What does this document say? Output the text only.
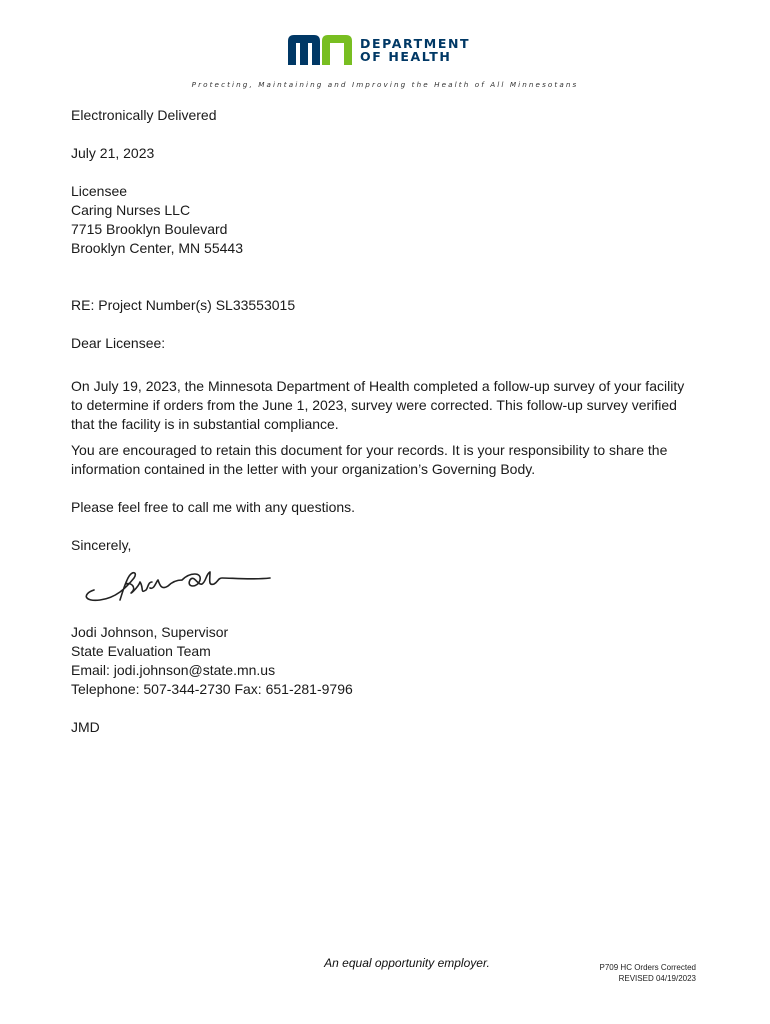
DEPARTMENT
OF HEALTH
Protecting, Maintaining and Improving the Health of All Minnesotans
Electronically Delivered
July 21, 2023
Licensee
Caring Nurses LLC
7715 Brooklyn Boulevard
Brooklyn Center, MN 55443
RE: Project Number(s) SL33553015
Dear Licensee:
On July 19, 2023, the Minnesota Department of Health completed a follow-up survey of your facility
to determine if orders from the June 1, 2023, survey were corrected. This follow-up survey verified
that the facility is in substantial compliance.
You are encouraged to retain this document for your records. It is your responsibility to share the
information contained in the letter with your organization’s Governing Body.
Please feel free to call me with any questions.
Sincerely,
Jodi Johnson, Supervisor
State Evaluation Team
Email: jodi.johnson@state.mn.us
Telephone: 507-344-2730 Fax: 651-281-9796
JMD
An equal opportunity employer.	P709 HC Orders Corrected
REVISED 04/19/2023
